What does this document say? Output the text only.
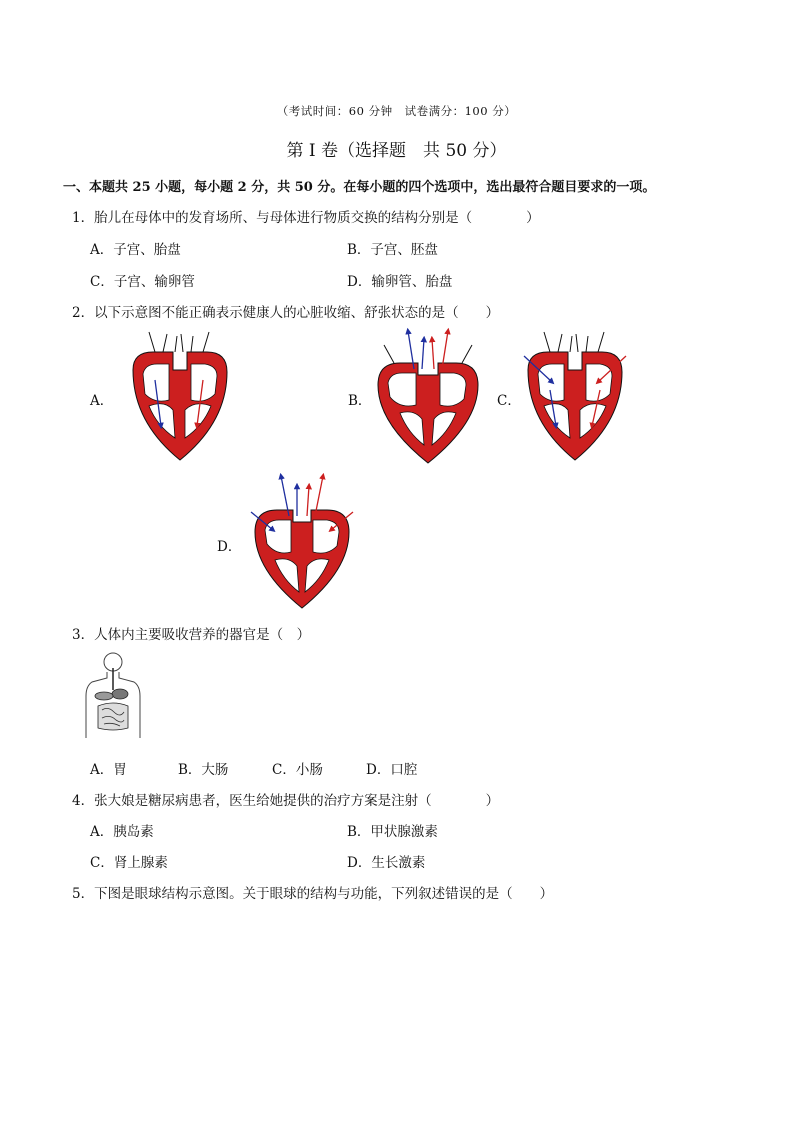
（考试时间：60 分钟　试卷满分：100 分）
第 I 卷（选择题　共 50 分）
一、本题共 25 小题，每小题 2 分，共 50 分。在每小题的四个选项中，选出最符合题目要求的一项。
1．胎儿在母体中的发育场所、与母体进行物质交换的结构分别是（　　　　）
A．子宫、胎盘	B．子宫、胚盘
C．子宫、输卵管	D．输卵管、胎盘
2．以下示意图不能正确表示健康人的心脏收缩、舒张状态的是（　　）
A．	B．	C．
D．
3．人体内主要吸收营养的器官是（　）
A．胃	B．大肠	C．小肠	D．口腔
4．张大娘是糖尿病患者，医生给她提供的治疗方案是注射（　　　　）
A．胰岛素	B．甲状腺激素
C．肾上腺素	D．生长激素
5．下图是眼球结构示意图。关于眼球的结构与功能，下列叙述错误的是（　　）
